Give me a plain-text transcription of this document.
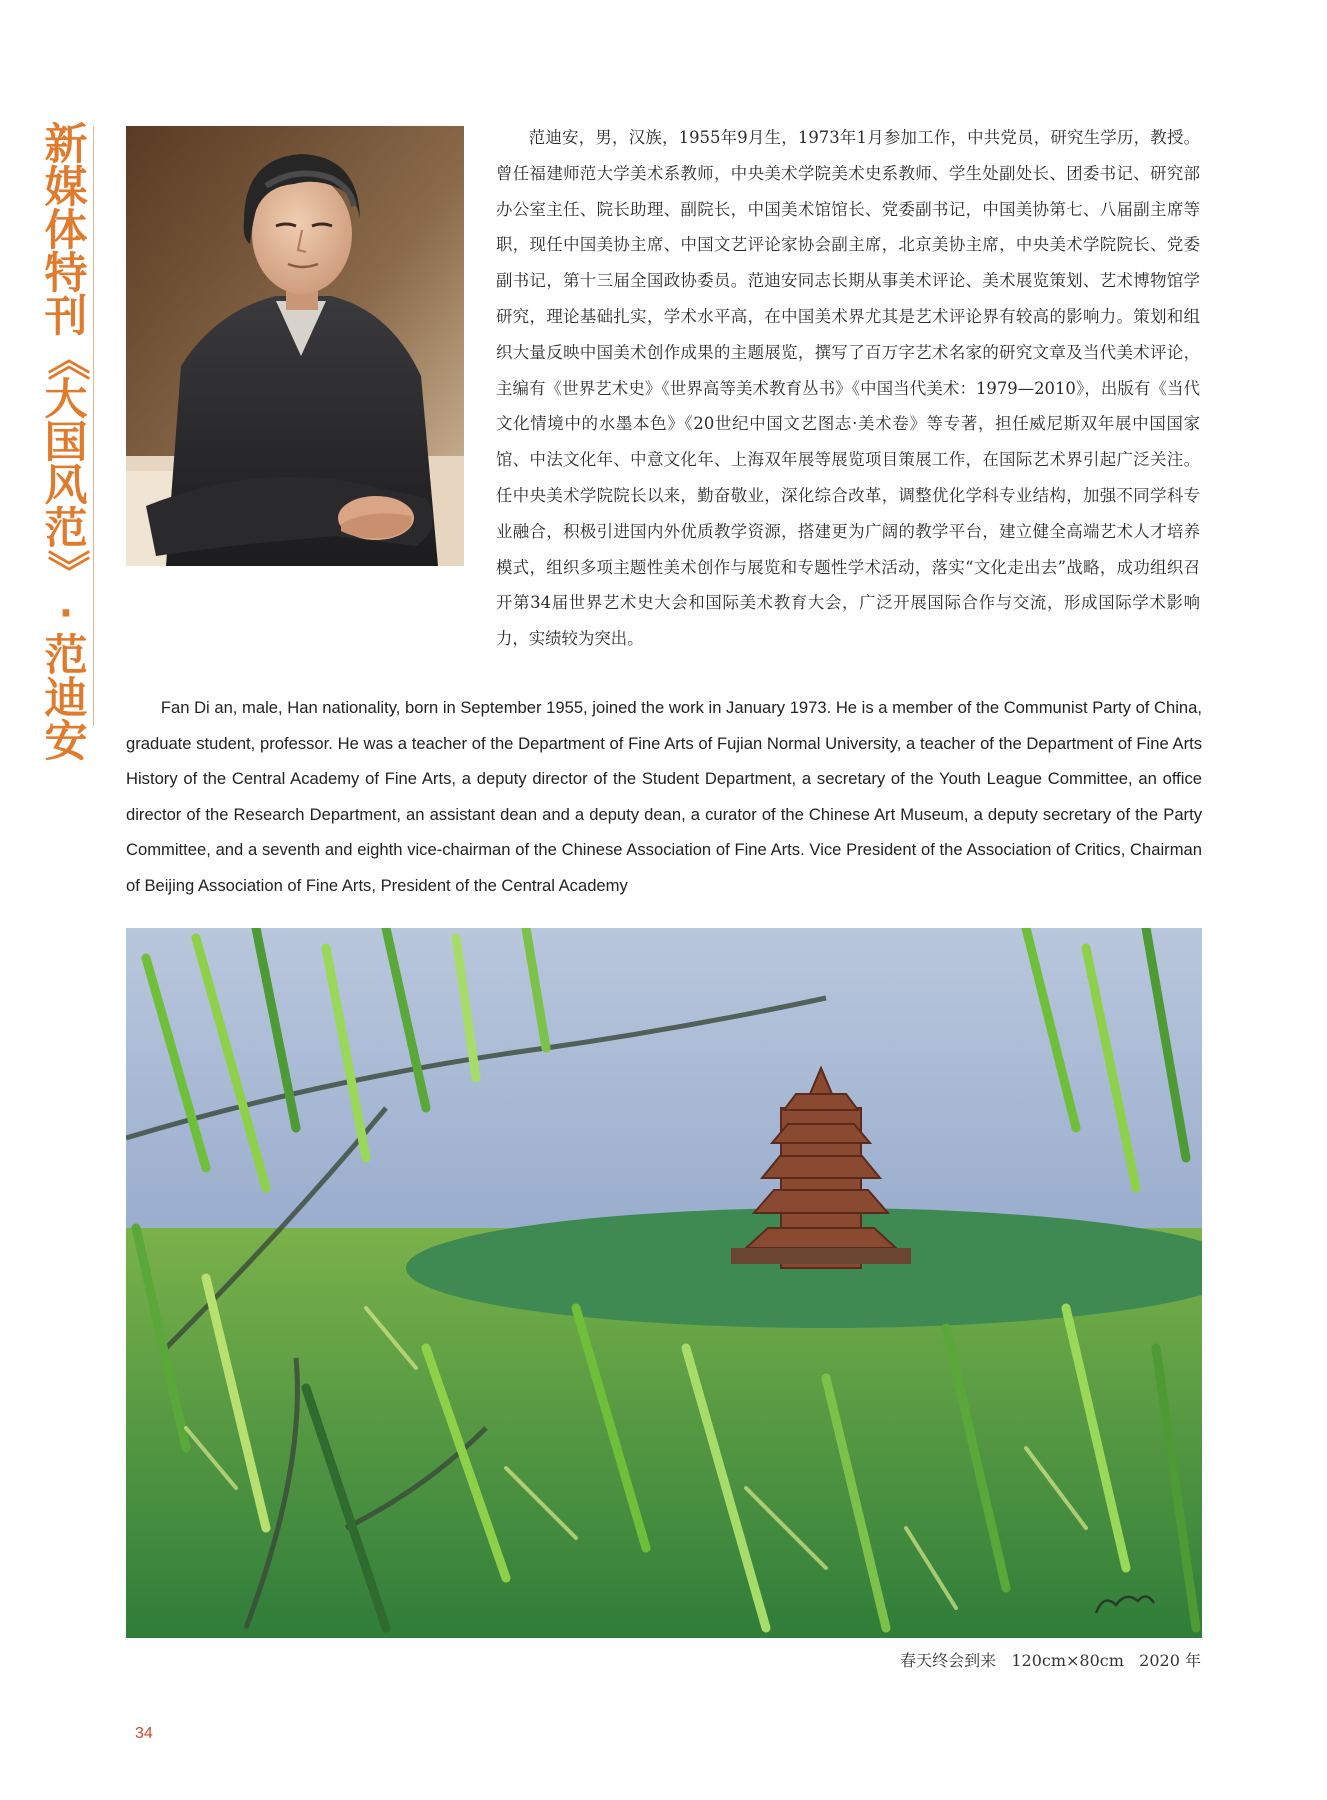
新
媒
体
特
刊
《
大
国
风
范
》
·
范
迪
安

范迪安，男，汉族，1955年9月生，1973年1月参加工作，中共党员，研究生学历，教授。曾任福建师范大学美术系教师，中央美术学院美术史系教师、学生处副处长、团委书记、研究部办公室主任、院长助理、副院长，中国美术馆馆长、党委副书记，中国美协第七、八届副主席等职，现任中国美协主席、中国文艺评论家协会副主席，北京美协主席，中央美术学院院长、党委副书记，第十三届全国政协委员。范迪安同志长期从事美术评论、美术展览策划、艺术博物馆学研究，理论基础扎实，学术水平高，在中国美术界尤其是艺术评论界有较高的影响力。策划和组织大量反映中国美术创作成果的主题展览，撰写了百万字艺术名家的研究文章及当代美术评论，主编有《世界艺术史》《世界高等美术教育丛书》《中国当代美术：1979—2010》，出版有《当代文化情境中的水墨本色》《20世纪中国文艺图志·美术卷》等专著，担任威尼斯双年展中国国家馆、中法文化年、中意文化年、上海双年展等展览项目策展工作，在国际艺术界引起广泛关注。任中央美术学院院长以来，勤奋敬业，深化综合改革，调整优化学科专业结构，加强不同学科专业融合，积极引进国内外优质教学资源，搭建更为广阔的教学平台，建立健全高端艺术人才培养模式，组织多项主题性美术创作与展览和专题性学术活动，落实“文化走出去”战略，成功组织召开第34届世界艺术史大会和国际美术教育大会，广泛开展国际合作与交流，形成国际学术影响力，实绩较为突出。

Fan Di an, male, Han nationality, born in September 1955, joined the work in January 1973. He is a member of the Communist Party of China, graduate student, professor. He was a teacher of the Department of Fine Arts of Fujian Normal University, a teacher of the Department of Fine Arts History of the Central Academy of Fine Arts, a deputy director of the Student Department, a secretary of the Youth League Committee, an office director of the Research Department, an assistant dean and a deputy dean, a curator of the Chinese Art Museum, a deputy secretary of the Party Committee, and a seventh and eighth vice-chairman of the Chinese Association of Fine Arts. Vice President of the Association of Critics, Chairman of Beijing Association of Fine Arts, President of the Central Academy

春天终会到来   120cm×80cm   2020 年
34
